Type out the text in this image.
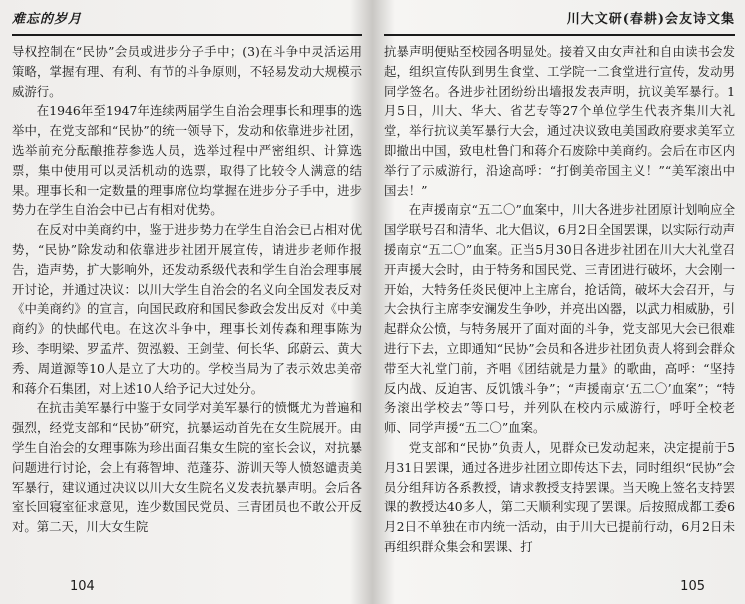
难忘的岁月

导权控制在“民协”会员或进步分子手中；(3)在斗争中灵活运用策略，掌握有理、有利、有节的斗争原则，不轻易发动大规模示威游行。

在1946年至1947年连续两届学生自治会理事长和理事的选举中，在党支部和“民协”的统一领导下，发动和依靠进步社团，选举前充分酝酿推荐参选人员，选举过程中严密组织、计算选票，集中使用可以灵活机动的选票，取得了比较令人满意的结果。理事长和一定数量的理事席位均掌握在进步分子手中，进步势力在学生自治会中已占有相对优势。

在反对中美商约中，鉴于进步势力在学生自治会已占相对优势，“民协”除发动和依靠进步社团开展宣传，请进步老师作报告，造声势，扩大影响外，还发动系级代表和学生自治会理事展开讨论，并通过决议：以川大学生自治会的名义向全国发表反对《中美商约》的宣言，向国民政府和国民参政会发出反对《中美商约》的快邮代电。在这次斗争中，理事长刘传森和理事陈为珍、李明梁、罗孟芹、贺泓毅、王剑莹、何长华、邱蔚云、黄大秀、周道源等10人是立了大功的。学校当局为了表示效忠美帝和蒋介石集团，对上述10人给予记大过处分。

在抗击美军暴行中鉴于女同学对美军暴行的愤慨尤为普遍和强烈，经党支部和“民协”研究，抗暴运动首先在女生院展开。由学生自治会的女理事陈为珍出面召集女生院的室长会议，对抗暴问题进行讨论，会上有蒋智坤、范蓬芬、游训天等人愤怒谴责美军暴行，建议通过决议以川大女生院名义发表抗暴声明。会后各室长回寝室征求意见，连少数国民党员、三青团员也不敢公开反对。第二天，川大女生院

104
川大文研(春耕)会友诗文集

抗暴声明便贴至校园各明显处。接着又由女声社和自由读书会发起，组织宣传队到男生食堂、工学院一二食堂进行宣传，发动男同学签名。各进步社团纷纷出墙报发表声明，抗议美军暴行。1月5日，川大、华大、省艺专等27个单位学生代表齐集川大礼堂，举行抗议美军暴行大会，通过决议致电美国政府要求美军立即撤出中国，致电杜鲁门和蒋介石废除中美商约。会后在市区内举行了示威游行，沿途高呼：“打倒美帝国主义！”“美军滚出中国去！”

在声援南京“五二〇”血案中，川大各进步社团原计划响应全国学联号召和清华、北大倡议，6月2日全国罢课，以实际行动声援南京“五二〇”血案。正当5月30日各进步社团在川大大礼堂召开声援大会时，由于特务和国民党、三青团进行破坏，大会刚一开始，大特务任炎民便冲上主席台，抢话筒，破坏大会召开，与大会执行主席李安澜发生争吵，并亮出凶器，以武力相威胁，引起群众公愤，与特务展开了面对面的斗争，党支部见大会已很难进行下去，立即通知“民协”会员和各进步社团负责人将到会群众带至大礼堂门前，齐唱《团结就是力量》的歌曲，高呼：“坚持反内战、反迫害、反饥饿斗争”；“声援南京‘五二〇’血案”；“特务滚出学校去”等口号，并列队在校内示威游行，呼吁全校老师、同学声援“五二〇”血案。

党支部和“民协”负责人，见群众已发动起来，决定提前于5月31日罢课，通过各进步社团立即传达下去，同时组织“民协”会员分组拜访各系教授，请求教授支持罢课。当天晚上签名支持罢课的教授达40多人，第二天顺利实现了罢课。后按照成都工委6月2日不单独在市内统一活动，由于川大已提前行动，6月2日未再组织群众集会和罢课、打

105
